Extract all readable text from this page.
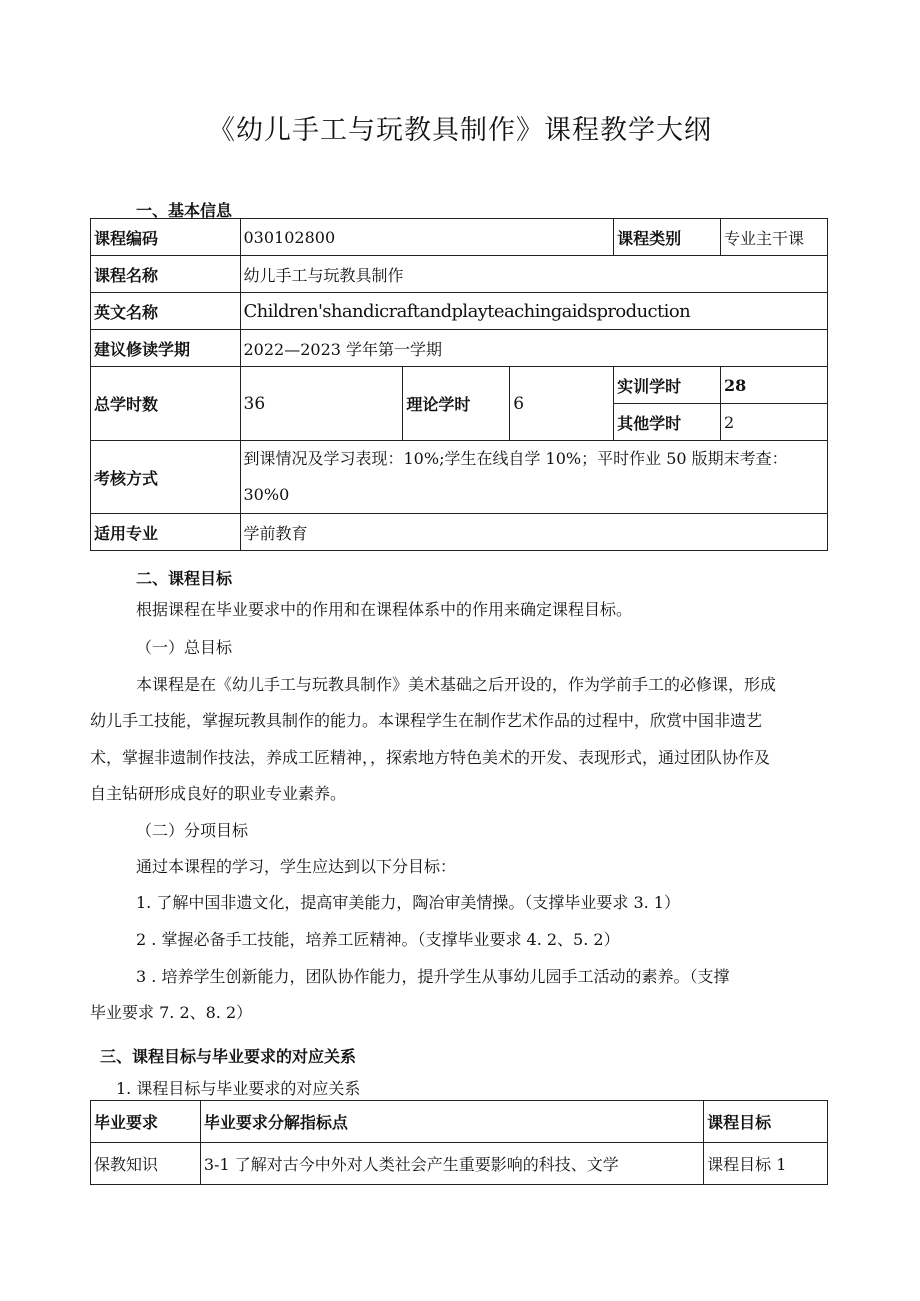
《幼儿手工与玩教具制作》课程教学大纲
一、基本信息
课程编码	030102800			课程类别	专业主干课
课程名称	幼儿手工与玩教具制作				
英文名称	Children'shandicraftandplayteachingaidsproduction				
建议修读学期	2022—2023 学年第一学期				
总学时数	36	理论学时	6	实训学时	28
				其他学时	2
考核方式	到课情况及学习表现：10%;学生在线自学 10%；平时作业 50 版期末考查：30%0				
适用专业	学前教育				
二、课程目标

根据课程在毕业要求中的作用和在课程体系中的作用来确定课程目标。

（一）总目标

本课程是在《幼儿手工与玩教具制作》美术基础之后开设的，作为学前手工的必修课，形成

幼儿手工技能，掌握玩教具制作的能力。本课程学生在制作艺术作品的过程中，欣赏中国非遗艺

术，掌握非遗制作技法，养成工匠精神，，探索地方特色美术的开发、表现形式，通过团队协作及

自主钻研形成良好的职业专业素养。

（二）分项目标

通过本课程的学习，学生应达到以下分目标：

1. 了解中国非遗文化，提高审美能力，陶冶审美情操。（支撑毕业要求 3. 1）

2 . 掌握必备手工技能，培养工匠精神。（支撑毕业要求 4. 2、5. 2）

3 . 培养学生创新能力，团队协作能力，提升学生从事幼儿园手工活动的素养。（支撑

毕业要求 7. 2、8. 2）

三、课程目标与毕业要求的对应关系

1. 课程目标与毕业要求的对应关系

毕业要求	毕业要求分解指标点	课程目标
保教知识	3-1 了解对古今中外对人类社会产生重要影响的科技、文学	课程目标 1
